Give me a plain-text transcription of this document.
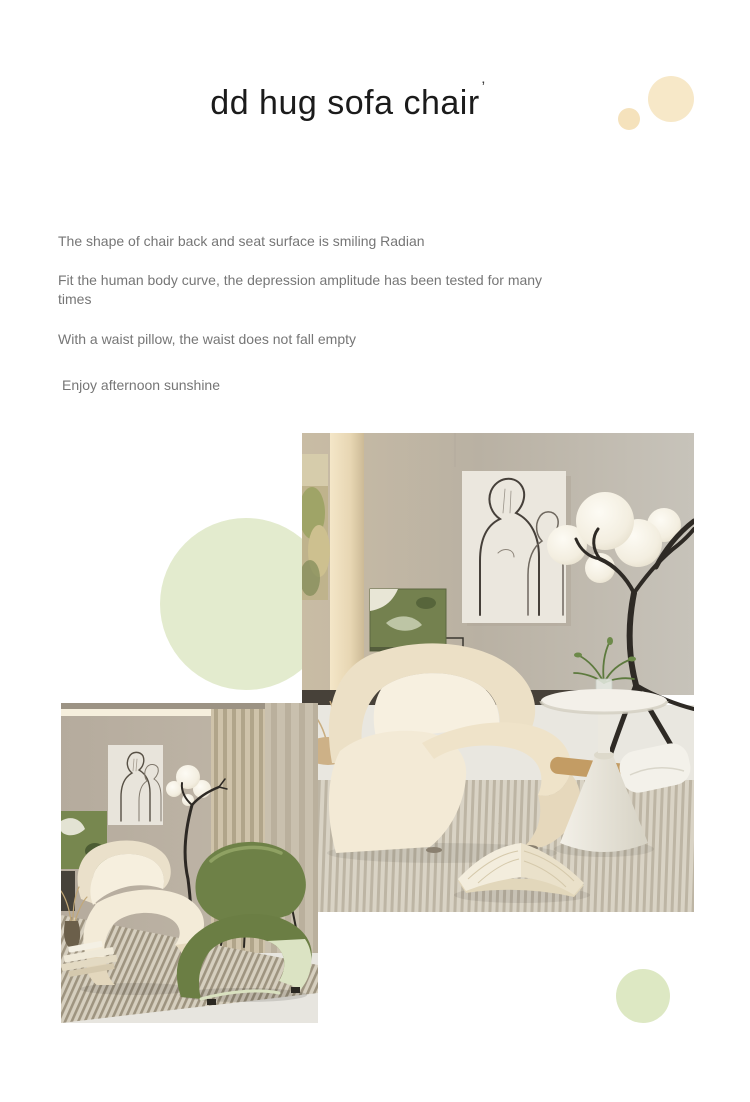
dd hug sofa chair $^ʼ$

The shape of chair back and seat surface is smiling Radian

Fit the human body curve, the depression amplitude has been tested for many times

With a waist pillow, the waist does not fall empty

Enjoy afternoon sunshine
